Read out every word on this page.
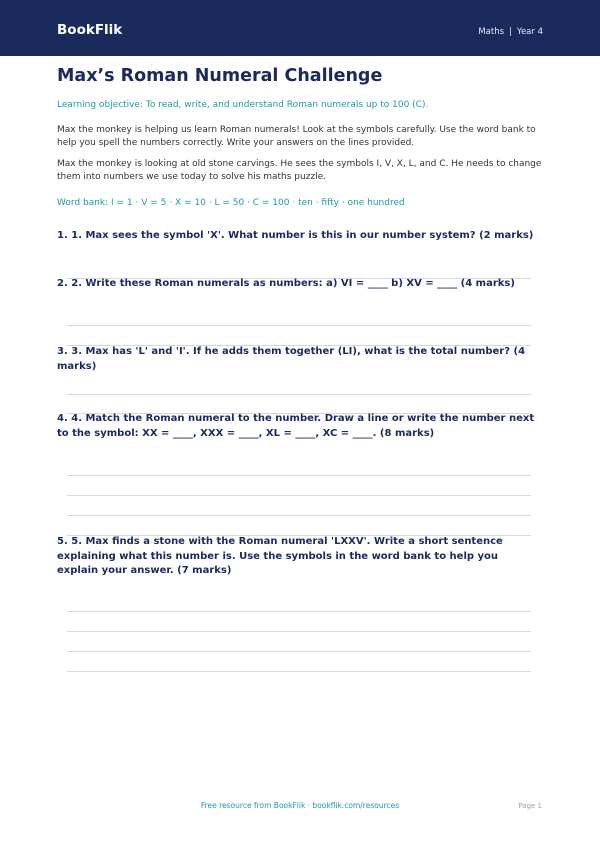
BookFlik	Maths | Year 4
Max’s Roman Numeral Challenge
Learning objective: To read, write, and understand Roman numerals up to 100 (C).

Max the monkey is helping us learn Roman numerals! Look at the symbols carefully. Use the word bank to help you spell the numbers correctly. Write your answers on the lines provided.

Max the monkey is looking at old stone carvings. He sees the symbols I, V, X, L, and C. He needs to change them into numbers we use today to solve his maths puzzle.

Word bank: I = 1 · V = 5 · X = 10 · L = 50 · C = 100 · ten · fifty · one hundred

1. 1. Max sees the symbol 'X'. What number is this in our number system? (2 marks)

2. 2. Write these Roman numerals as numbers: a) VI = ____ b) XV = ____ (4 marks)

3. 3. Max has 'L' and 'I'. If he adds them together (LI), what is the total number? (4 marks)

4. 4. Match the Roman numeral to the number. Draw a line or write the number next to the symbol: XX = ____, XXX = ____, XL = ____, XC = ____. (8 marks)

5. 5. Max finds a stone with the Roman numeral 'LXXV'. Write a short sentence explaining what this number is. Use the symbols in the word bank to help you explain your answer. (7 marks)

Free resource from BookFlik · bookflik.com/resources	Page 1
